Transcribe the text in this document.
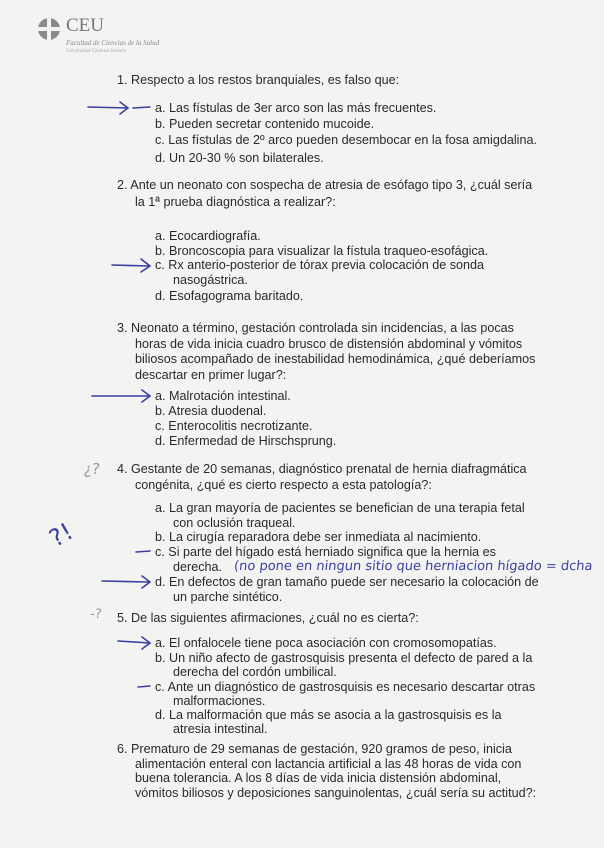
CEU
Facultad de Ciencias de la Salud
Universidad Cardenal Herrera
1. Respecto a los restos branquiales, es falso que:
a. Las fístulas de 3er arco son las más frecuentes.
b. Pueden secretar contenido mucoide.
c. Las fístulas de 2º arco pueden desembocar en la fosa amigdalina.
d. Un 20-30 % son bilaterales.
2. Ante un neonato con sospecha de atresia de esófago tipo 3, ¿cuál sería
la 1ª prueba diagnóstica a realizar?:
a. Ecocardiografía.
b. Broncoscopia para visualizar la fístula traqueo-esofágica.
c. Rx anterio-posterior de tórax previa colocación de sonda
nasogástrica.
d. Esofagograma baritado.
3. Neonato a término, gestación controlada sin incidencias, a las pocas
horas de vida inicia cuadro brusco de distensión abdominal y vómitos
biliosos acompañado de inestabilidad hemodinámica, ¿qué deberíamos
descartar en primer lugar?:
a. Malrotación intestinal.
b. Atresia duodenal.
c. Enterocolitis necrotizante.
d. Enfermedad de Hirschsprung.
4. Gestante de 20 semanas, diagnóstico prenatal de hernia diafragmática
congénita, ¿qué es cierto respecto a esta patología?:
a. La gran mayoría de pacientes se benefician de una terapia fetal
con oclusión traqueal.
b. La cirugía reparadora debe ser inmediata al nacimiento.
c. Si parte del hígado está herniado significa que la hernia es
derecha.
d. En defectos de gran tamaño puede ser necesario la colocación de
un parche sintético.
5. De las siguientes afirmaciones, ¿cuál no es cierta?:
a. El onfalocele tiene poca asociación con cromosomopatías.
b. Un niño afecto de gastrosquisis presenta el defecto de pared a la
derecha del cordón umbilical.
c. Ante un diagnóstico de gastrosquisis es necesario descartar otras
malformaciones.
d. La malformación que más se asocia a la gastrosquisis es la
atresia intestinal.
6. Prematuro de 29 semanas de gestación, 920 gramos de peso, inicia
alimentación enteral con lactancia artificial a las 48 horas de vida con
buena tolerancia. A los 8 días de vida inicia distensión abdominal,
vómitos biliosos y deposiciones sanguinolentas, ¿cuál sería su actitud?:
(no pone en ningun sitio que herniacion hígado = dcha
¿?
?!
-?
